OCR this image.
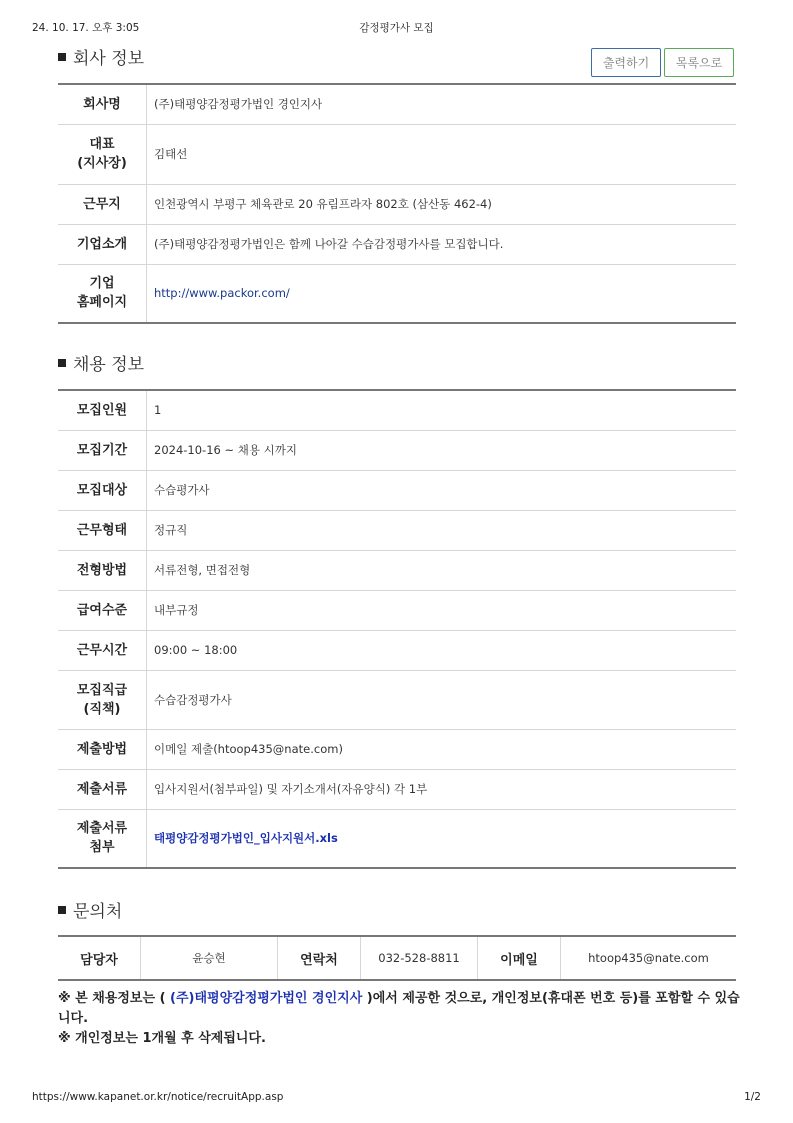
24. 10. 17. 오후 3:05	감정평가사 모집
회사 정보	출력하기	목록으로
회사명	(주)태평양감정평가법인 경인지사
대표
(지사장)	김태선
근무지	인천광역시 부평구 체육관로 20 유림프라자 802호 (삼산동 462-4)
기업소개	(주)태평양감정평가법인은 함께 나아갈 수습감정평가사를 모집합니다.
기업
홈페이지	http://www.packor.com/
채용 정보
모집인원	1
모집기간	2024-10-16 ~ 채용 시까지
모집대상	수습평가사
근무형태	정규직
전형방법	서류전형, 면접전형
급여수준	내부규정
근무시간	09:00 ~ 18:00
모집직급
(직책)	수습감정평가사
제출방법	이메일 제출(htoop435@nate.com)
제출서류	입사지원서(첨부파일) 및 자기소개서(자유양식) 각 1부
제출서류
첨부	태평양감정평가법인_입사지원서.xls
문의처
담당자	윤승현	연락처	032-528-8811	이메일	htoop435@nate.com
※ 본 채용정보는 ( (주)태평양감정평가법인 경인지사 )에서 제공한 것으로, 개인정보(휴대폰 번호 등)를 포함할 수 있습니다.
※ 개인정보는 1개월 후 삭제됩니다.
https://www.kapanet.or.kr/notice/recruitApp.asp	1/2
